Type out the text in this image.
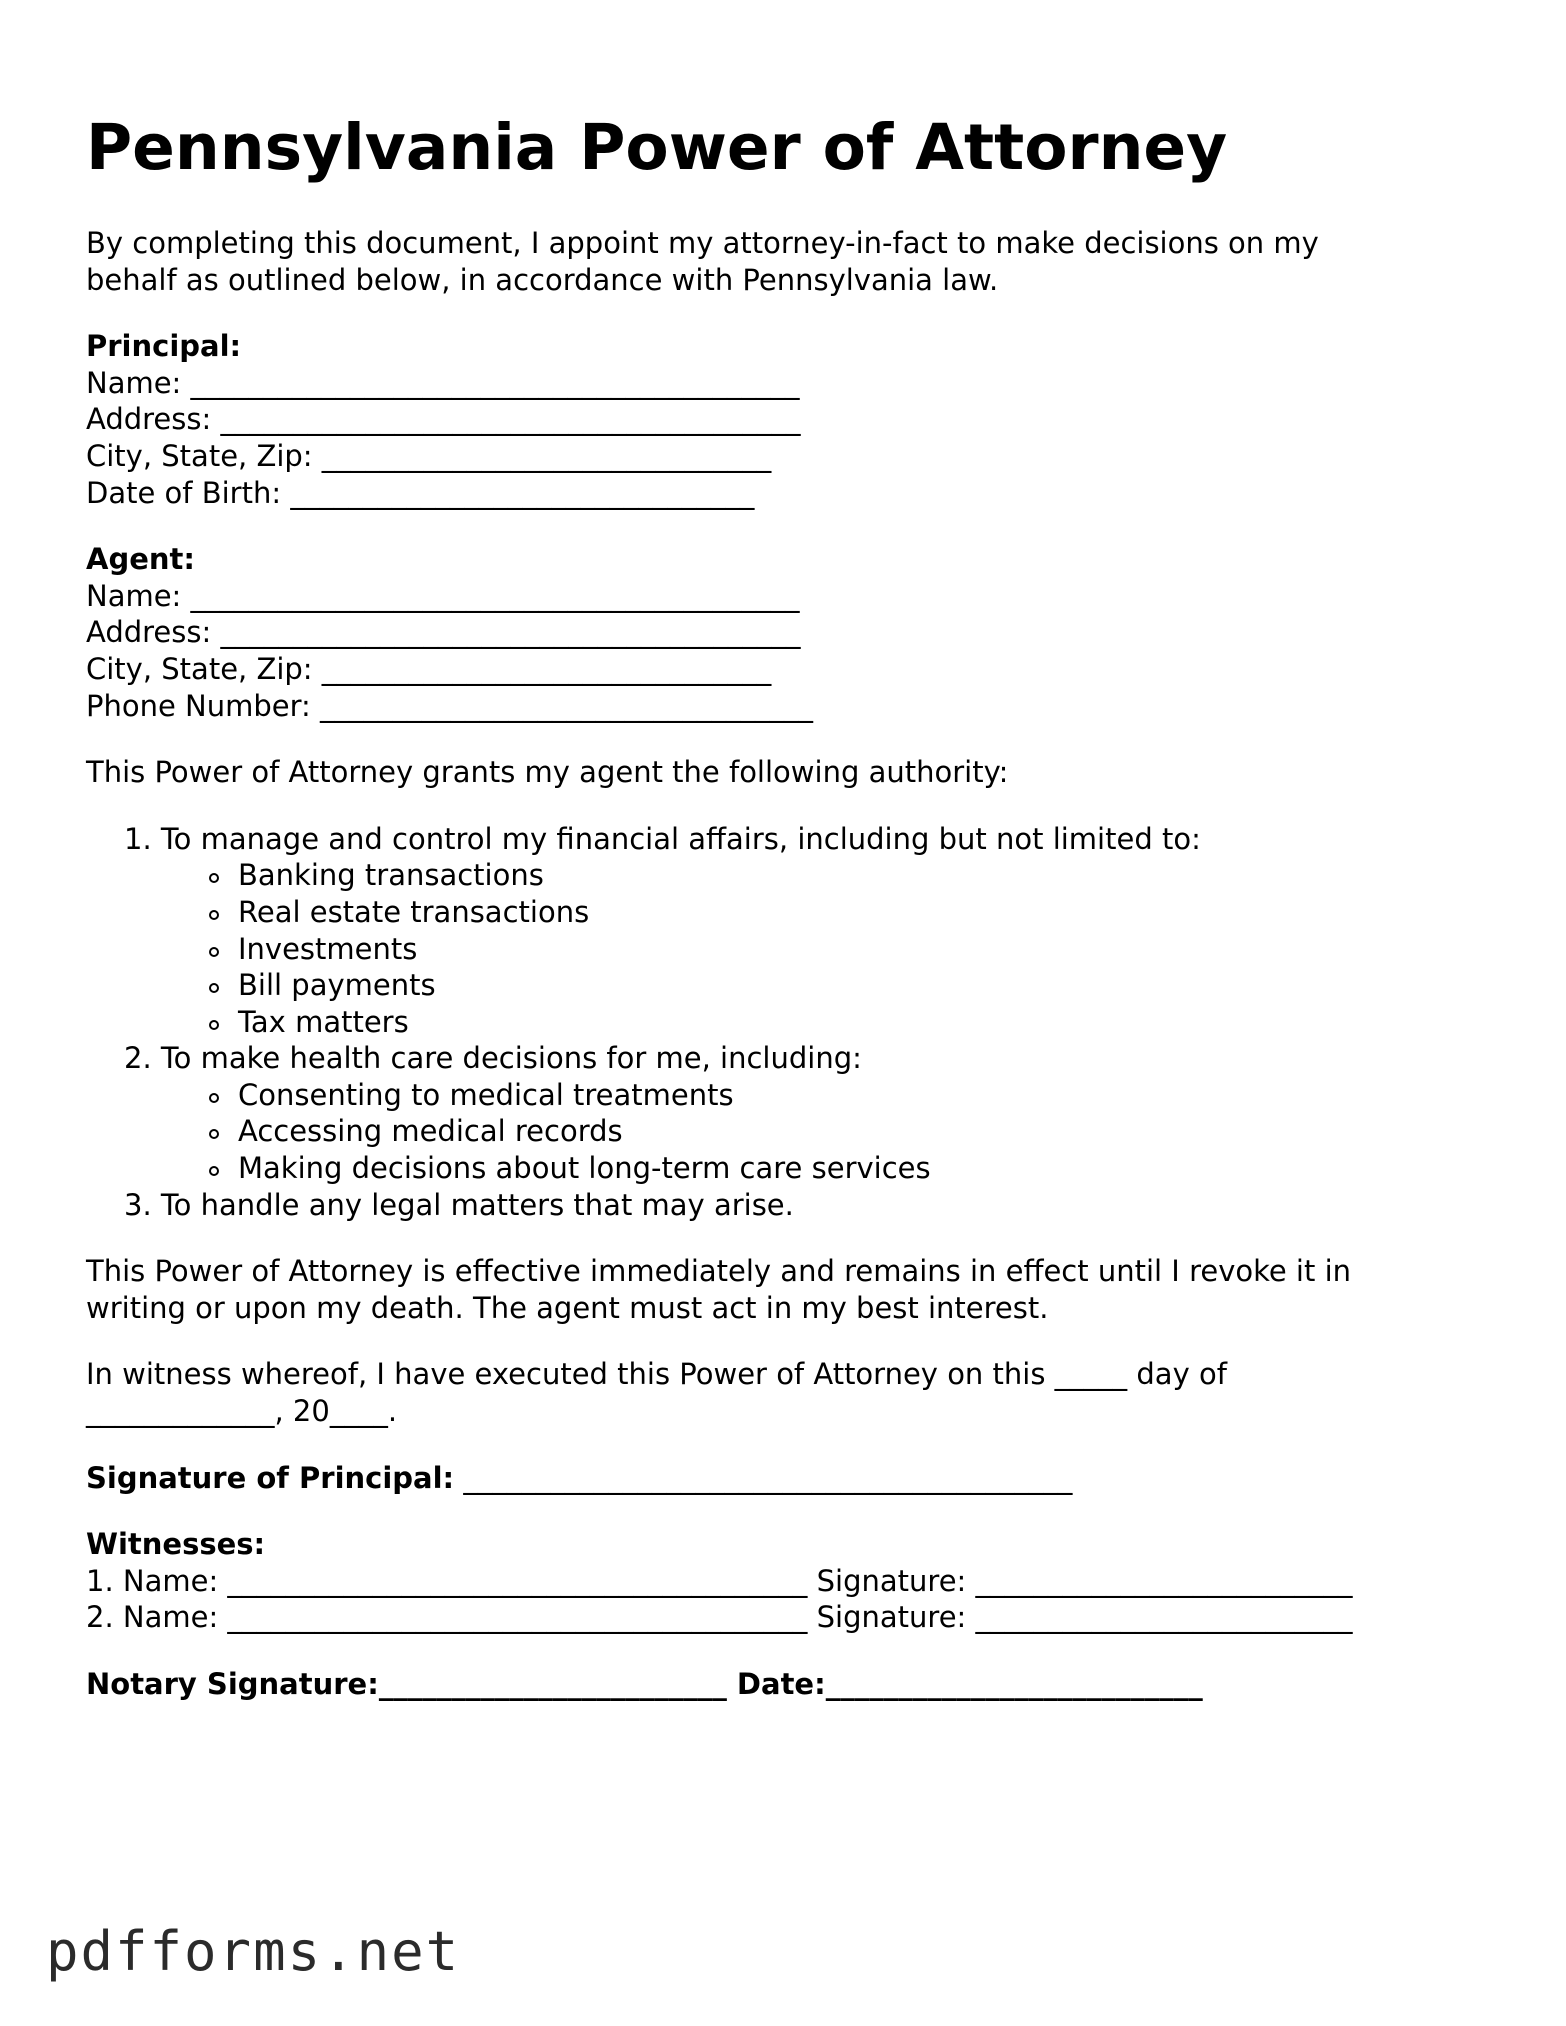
Pennsylvania Power of Attorney
By completing this document, I appoint my attorney-in-fact to make decisions on my
behalf as outlined below, in accordance with Pennsylvania law.
Principal:
Name: __________________________________________
Address: ________________________________________
City, State, Zip: _______________________________
Date of Birth: ________________________________
Agent:
Name: __________________________________________
Address: ________________________________________
City, State, Zip: _______________________________
Phone Number: __________________________________
This Power of Attorney grants my agent the following authority:
1. To manage and control my financial affairs, including but not limited to:
Banking transactions
Real estate transactions
Investments
Bill payments
Tax matters
2. To make health care decisions for me, including:
Consenting to medical treatments
Accessing medical records
Making decisions about long-term care services
3. To handle any legal matters that may arise.
This Power of Attorney is effective immediately and remains in effect until I revoke it in
writing or upon my death. The agent must act in my best interest.
In witness whereof, I have executed this Power of Attorney on this _____ day of
_____________, 20____.
Signature of Principal: __________________________________________
Witnesses:
1. Name: ________________________________________ Signature: __________________________
2. Name: ________________________________________ Signature: __________________________
Notary Signature:________________________ Date:__________________________
pdfforms.net
